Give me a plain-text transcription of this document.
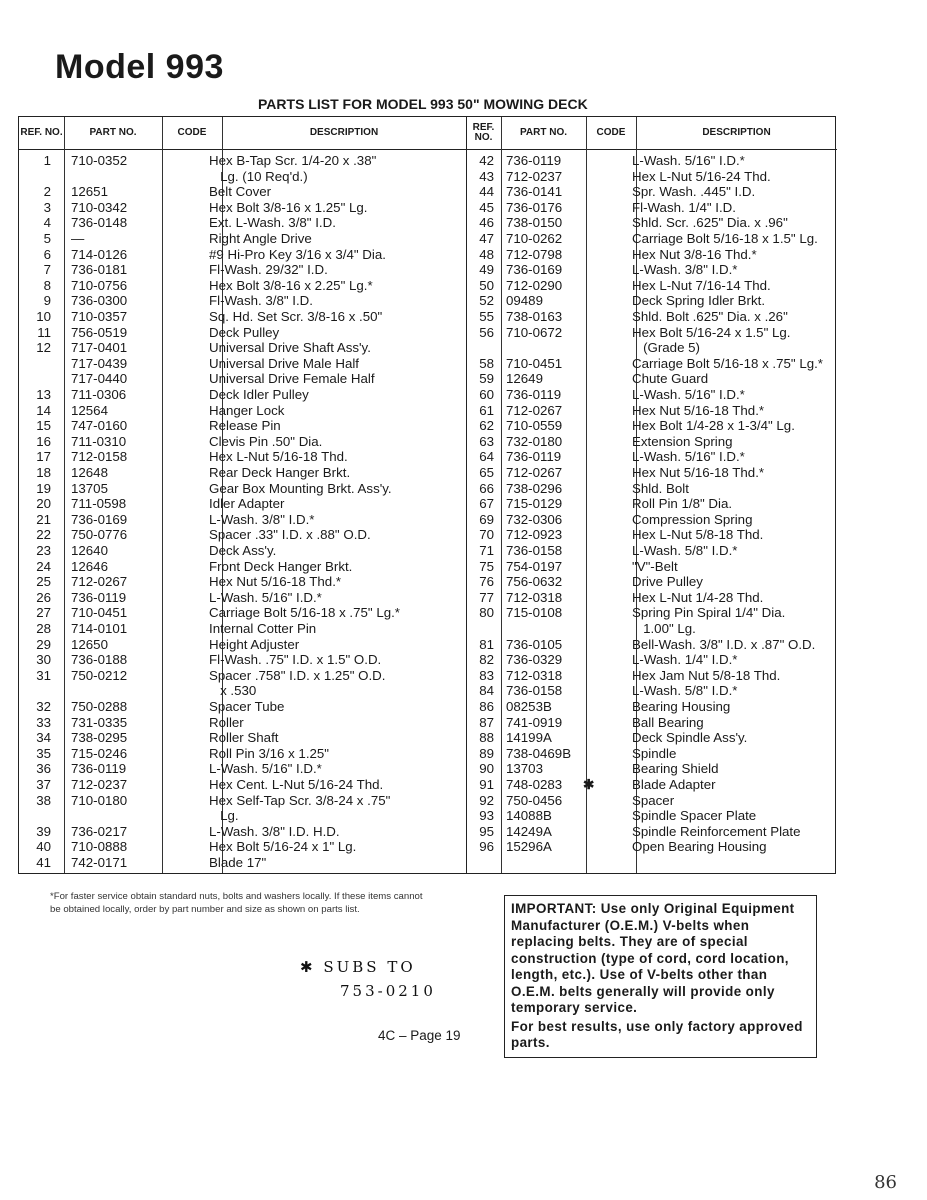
Model 993
PARTS LIST FOR MODEL 993 50" MOWING DECK
REF. NO.	PART NO.	CODE	DESCRIPTION
1 710-0352	Hex B-Tap Scr. 1/4-20 x .38"
Lg. (10 Req'd.)
2 12651	Belt Cover
3 710-0342	Hex Bolt 3/8-16 x 1.25" Lg.
4 736-0148	Ext. L-Wash. 3/8" I.D.
5 —	Right Angle Drive
6 714-0126	#9 Hi-Pro Key 3/16 x 3/4" Dia.
7 736-0181	Fl-Wash. 29/32" I.D.
8 710-0756	Hex Bolt 3/8-16 x 2.25" Lg.*
9 736-0300	Fl-Wash. 3/8" I.D.
10 710-0357	Sq. Hd. Set Scr. 3/8-16 x .50"
11 756-0519	Deck Pulley
12 717-0401	Universal Drive Shaft Ass'y.
717-0439	Universal Drive Male Half
717-0440	Universal Drive Female Half
13 711-0306	Deck Idler Pulley
14 12564	Hanger Lock
15 747-0160	Release Pin
16 711-0310	Clevis Pin .50" Dia.
17 712-0158	Hex L-Nut 5/16-18 Thd.
18 12648	Rear Deck Hanger Brkt.
19 13705	Gear Box Mounting Brkt. Ass'y.
20 711-0598	Idler Adapter
21 736-0169	L-Wash. 3/8" I.D.*
22 750-0776	Spacer .33" I.D. x .88" O.D.
23 12640	Deck Ass'y.
24 12646	Front Deck Hanger Brkt.
25 712-0267	Hex Nut 5/16-18 Thd.*
26 736-0119	L-Wash. 5/16" I.D.*
27 710-0451	Carriage Bolt 5/16-18 x .75" Lg.*
28 714-0101	Internal Cotter Pin
29 12650	Height Adjuster
30 736-0188	Fl-Wash. .75" I.D. x 1.5" O.D.
31 750-0212	Spacer .758" I.D. x 1.25" O.D.
x .530
32 750-0288	Spacer Tube
33 731-0335	Roller
34 738-0295	Roller Shaft
35 715-0246	Roll Pin 3/16 x 1.25"
36 736-0119	L-Wash. 5/16" I.D.*
37 712-0237	Hex Cent. L-Nut 5/16-24 Thd.
38 710-0180	Hex Self-Tap Scr. 3/8-24 x .75"
Lg.
39 736-0217	L-Wash. 3/8" I.D. H.D.
40 710-0888	Hex Bolt 5/16-24 x 1" Lg.
41 742-0171	Blade 17"
REF. NO.	PART NO.	CODE	DESCRIPTION
42 736-0119	L-Wash. 5/16" I.D.*
43 712-0237	Hex L-Nut 5/16-24 Thd.
44 736-0141	Spr. Wash. .445" I.D.
45 736-0176	Fl-Wash. 1/4" I.D.
46 738-0150	Shld. Scr. .625" Dia. x .96"
47 710-0262	Carriage Bolt 5/16-18 x 1.5" Lg.
48 712-0798	Hex Nut 3/8-16 Thd.*
49 736-0169	L-Wash. 3/8" I.D.*
50 712-0290	Hex L-Nut 7/16-14 Thd.
52 09489	Deck Spring Idler Brkt.
55 738-0163	Shld. Bolt .625" Dia. x .26"
56 710-0672	Hex Bolt 5/16-24 x 1.5" Lg.
(Grade 5)
58 710-0451	Carriage Bolt 5/16-18 x .75" Lg.*
59 12649	Chute Guard
60 736-0119	L-Wash. 5/16" I.D.*
61 712-0267	Hex Nut 5/16-18 Thd.*
62 710-0559	Hex Bolt 1/4-28 x 1-3/4" Lg.
63 732-0180	Extension Spring
64 736-0119	L-Wash. 5/16" I.D.*
65 712-0267	Hex Nut 5/16-18 Thd.*
66 738-0296	Shld. Bolt
67 715-0129	Roll Pin 1/8" Dia.
69 732-0306	Compression Spring
70 712-0923	Hex L-Nut 5/8-18 Thd.
71 736-0158	L-Wash. 5/8" I.D.*
75 754-0197	"V"-Belt
76 756-0632	Drive Pulley
77 712-0318	Hex L-Nut 1/4-28 Thd.
80 715-0108	Spring Pin Spiral 1/4" Dia.
1.00" Lg.
81 736-0105	Bell-Wash. 3/8" I.D. x .87" O.D.
82 736-0329	L-Wash. 1/4" I.D.*
83 712-0318	Hex Jam Nut 5/8-18 Thd.
84 736-0158	L-Wash. 5/8" I.D.*
86 08253B	Bearing Housing
87 741-0919	Ball Bearing
88 14199A	Deck Spindle Ass'y.
89 738-0469B	Spindle
90 13703	Bearing Shield
91 748-0283	Blade Adapter
✱
92 750-0456	Spacer
93 14088B	Spindle Spacer Plate
95 14249A	Spindle Reinforcement Plate
96 15296A	Open Bearing Housing
*For faster service obtain standard nuts, bolts and washers locally. If these items cannot be obtained locally, order by part number and size as shown on parts list.	IMPORTANT: Use only Original Equipment Manufacturer (O.E.M.) V-belts when replacing belts. They are of special construction (type of cord, cord location, length, etc.). Use of V-belts other than O.E.M. belts generally will provide only temporary service.
For best results, use only factory approved parts.
✱ SUBS TO
753-0210
4C – Page 19
86
